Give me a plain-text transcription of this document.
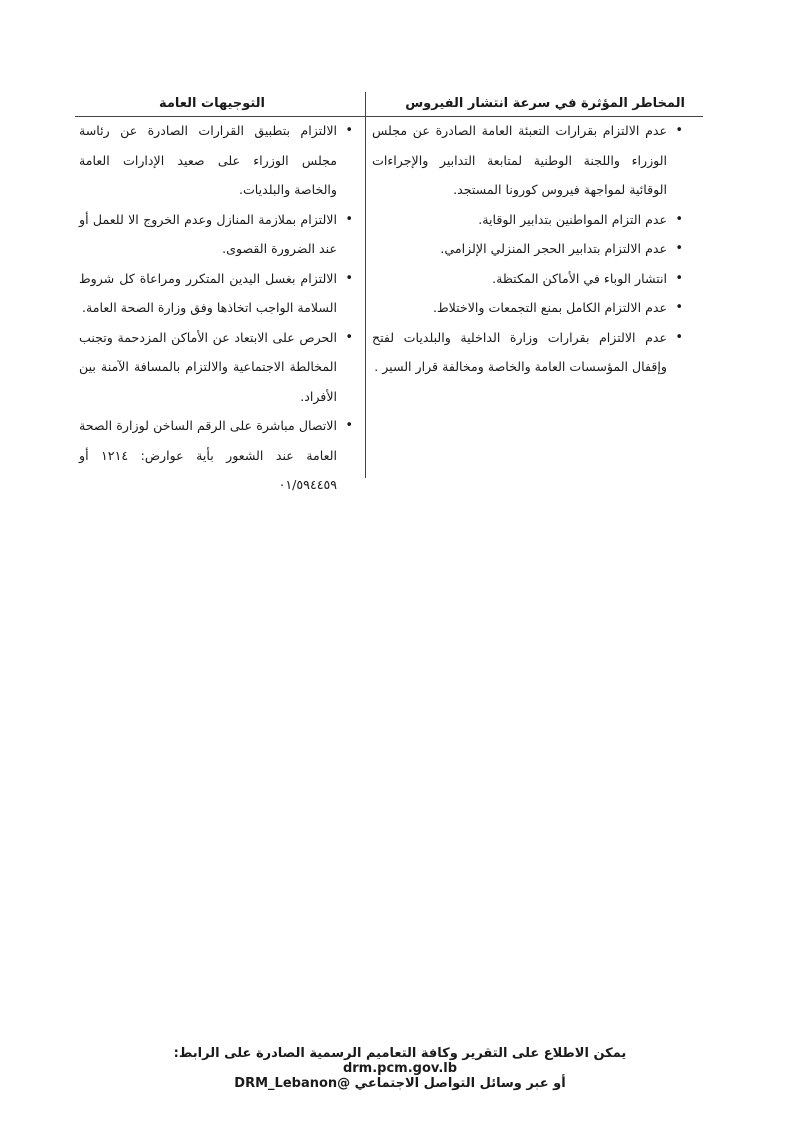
المخاطر المؤثرة في سرعة انتشار الفيروس
التوجيهات العامة
•
عدم الالتزام بقرارات التعبئة العامة الصادرة عن مجلس الوزراء واللجنة الوطنية لمتابعة التدابير والإجراءات الوقائية لمواجهة فيروس كورونا المستجد.
•
عدم التزام المواطنين بتدابير الوقاية.
•
عدم الالتزام بتدابير الحجر المنزلي الإلزامي.
•
انتشار الوباء في الأماكن المكتظة.
•
عدم الالتزام الكامل بمنع التجمعات والاختلاط.
•
عدم الالتزام بقرارات وزارة الداخلية والبلديات لفتح وإقفال المؤسسات العامة والخاصة ومخالفة قرار السير .
•
الالتزام بتطبيق القرارات الصادرة عن رئاسة مجلس الوزراء على صعيد الإدارات العامة والخاصة والبلديات.
•
الالتزام بملازمة المنازل وعدم الخروج الا للعمل أو عند الضرورة القصوى.
•
الالتزام بغسل اليدين المتكرر ومراعاة كل شروط السلامة الواجب اتخاذها وفق وزارة الصحة العامة.
•
الحرص على الابتعاد عن الأماكن المزدحمة وتجنب المخالطة الاجتماعية والالتزام بالمسافة الآمنة بين الأفراد.
•
الاتصال مباشرة على الرقم الساخن لوزارة الصحة العامة عند الشعور بأية عوارض: ١٢١٤ أو ٠١/٥٩٤٤٥٩
يمكن الاطلاع على التقرير وكافة التعاميم الرسمية الصادرة على الرابط: drm.pcm.gov.lb
أو عبر وسائل التواصل الاجتماعي @DRM_Lebanon
